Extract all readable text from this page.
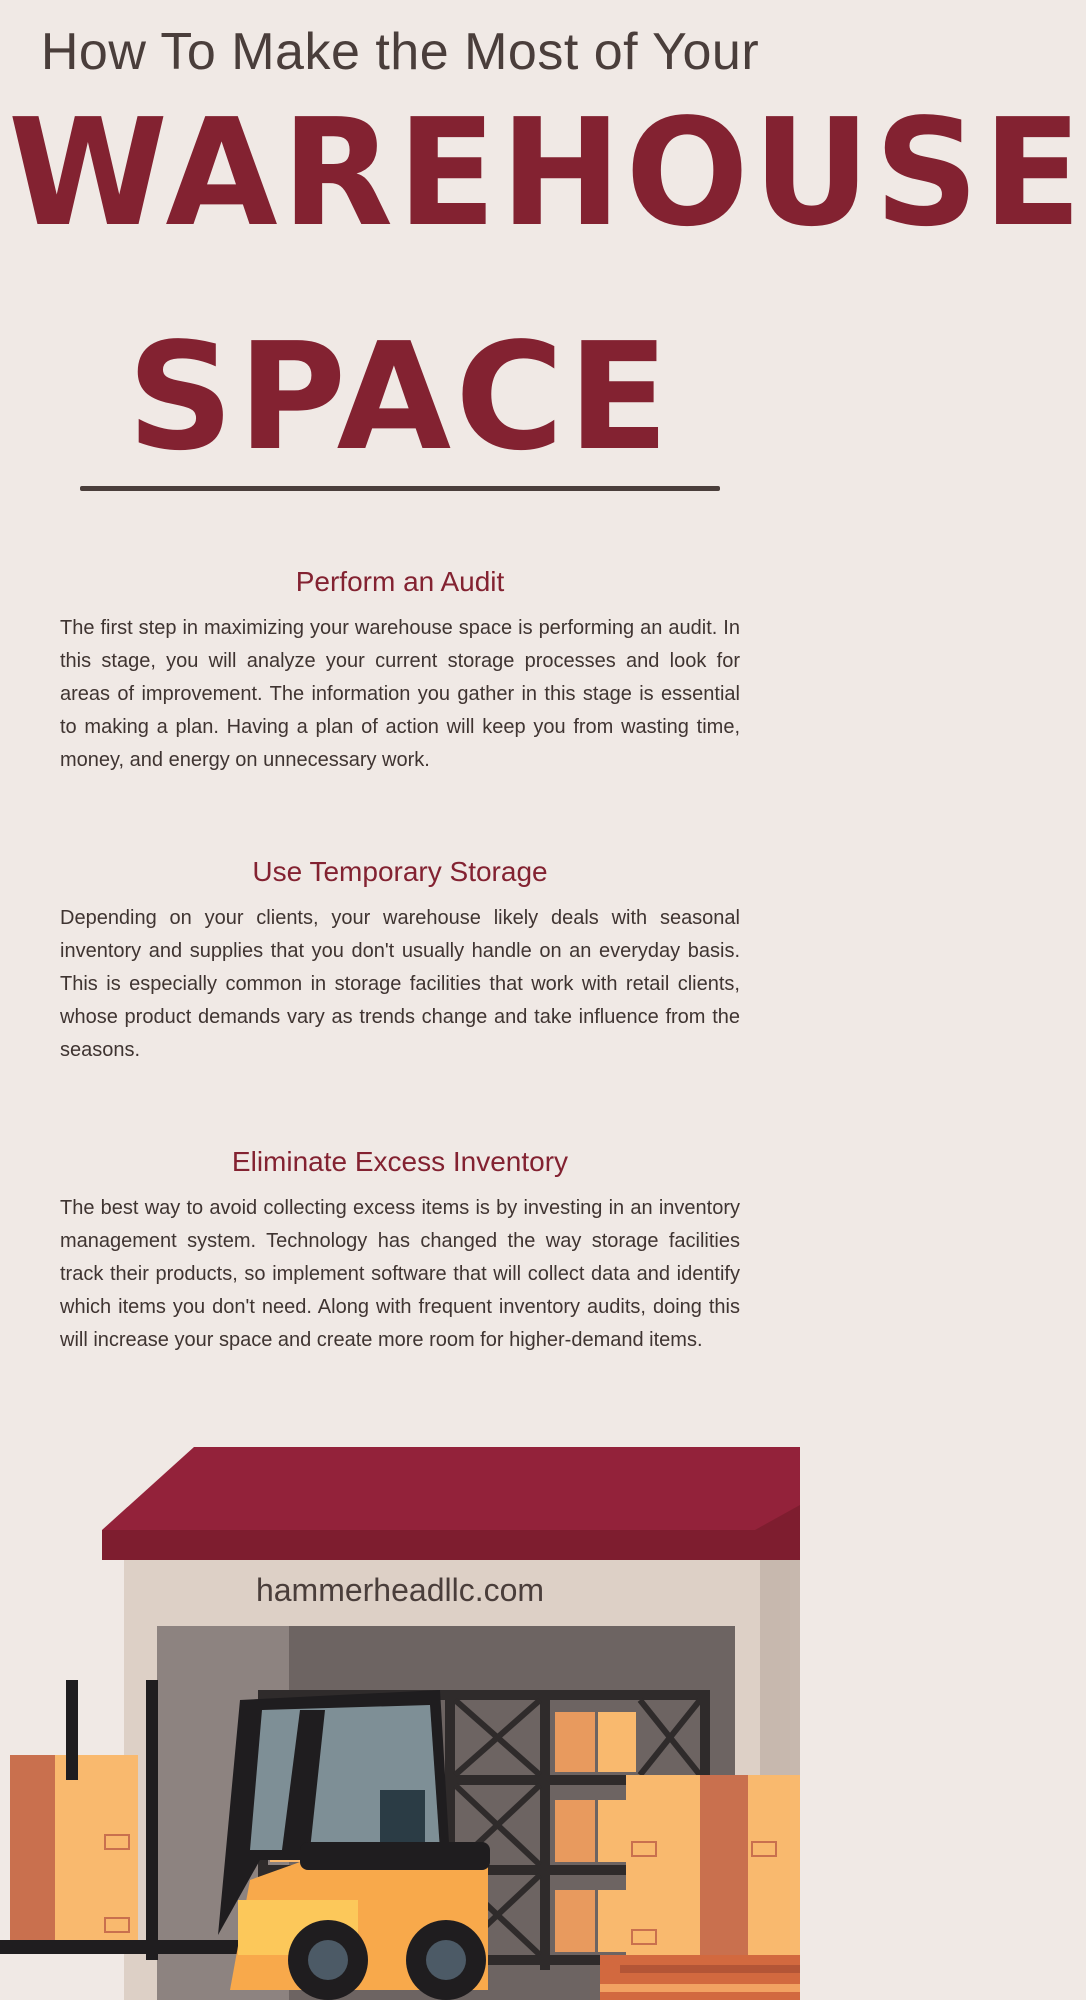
How To Make the Most of Your
WAREHOUSE
SPACE
Perform an Audit

The first step in maximizing your warehouse space is performing an audit. In this stage, you will analyze your current storage processes and look for areas of improvement. The information you gather in this stage is essential to making a plan. Having a plan of action will keep you from wasting time, money, and energy on unnecessary work.

Use Temporary Storage

Depending on your clients, your warehouse likely deals with seasonal inventory and supplies that you don't usually handle on an everyday basis. This is especially common in storage facilities that work with retail clients, whose product demands vary as trends change and take influence from the seasons.

Eliminate Excess Inventory

The best way to avoid collecting excess items is by investing in an inventory management system. Technology has changed the way storage facilities track their products, so implement software that will collect data and identify which items you don't need. Along with frequent inventory audits, doing this will increase your space and create more room for higher-demand items.

hammerheadllc.com
